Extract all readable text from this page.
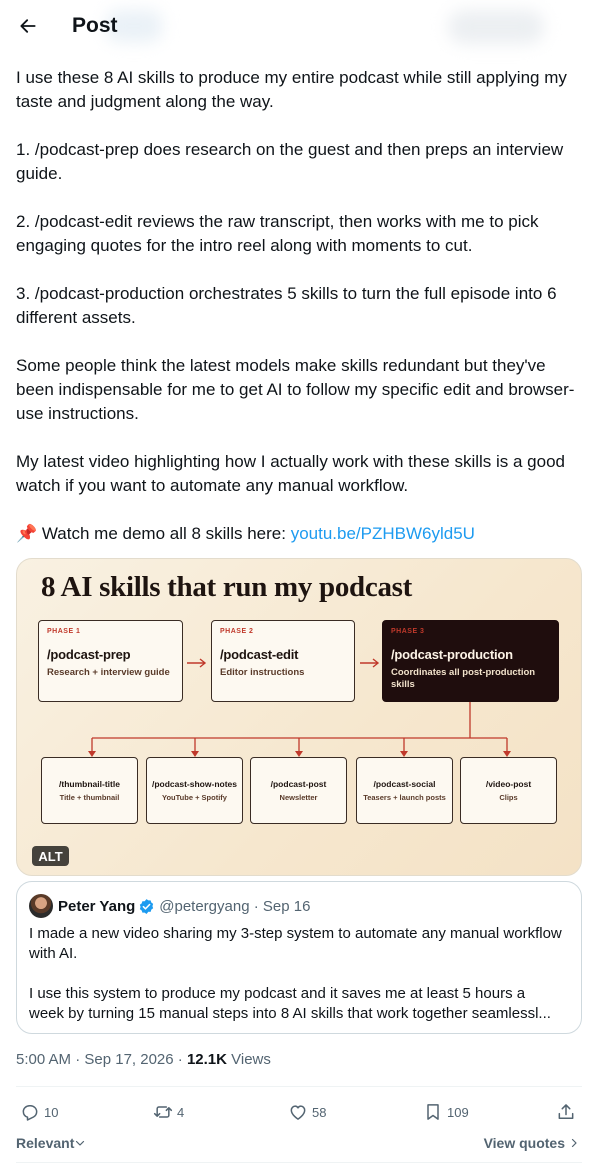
Post

I use these 8 AI skills to produce my entire podcast while still applying my taste and judgment along the way.

1. /podcast-prep does research on the guest and then preps an interview guide.

2. /podcast-edit reviews the raw transcript, then works with me to pick engaging quotes for the intro reel along with moments to cut.

3. /podcast-production orchestrates 5 skills to turn the full episode into 6 different assets.

Some people think the latest models make skills redundant but they've been indispensable for me to get AI to follow my specific edit and browser-use instructions.

My latest video highlighting how I actually work with these skills is a good watch if you want to automate any manual workflow.

📌 Watch me demo all 8 skills here: youtu.be/PZHBW6yld5U

8 AI skills that run my podcast
PHASE 1
/podcast-prep
Research + interview guide
PHASE 2
/podcast-edit
Editor instructions
PHASE 3
/podcast-production
Coordinates all post-production skills
/thumbnail-title
Title + thumbnail
/podcast-show-notes
YouTube + Spotify
/podcast-post
Newsletter
/podcast-social
Teasers + launch posts
/video-post
Clips
ALT
Peter Yang @petergyang · Sep 16

I made a new video sharing my 3-step system to automate any manual workflow with AI.

I use this system to produce my podcast and it saves me at least 5 hours a
week by turning 15 manual steps into 8 AI skills that work together seamlessl...

5:00 AM · Sep 17, 2026 · 12.1K Views
10	4	58	109
Relevant	View quotes
